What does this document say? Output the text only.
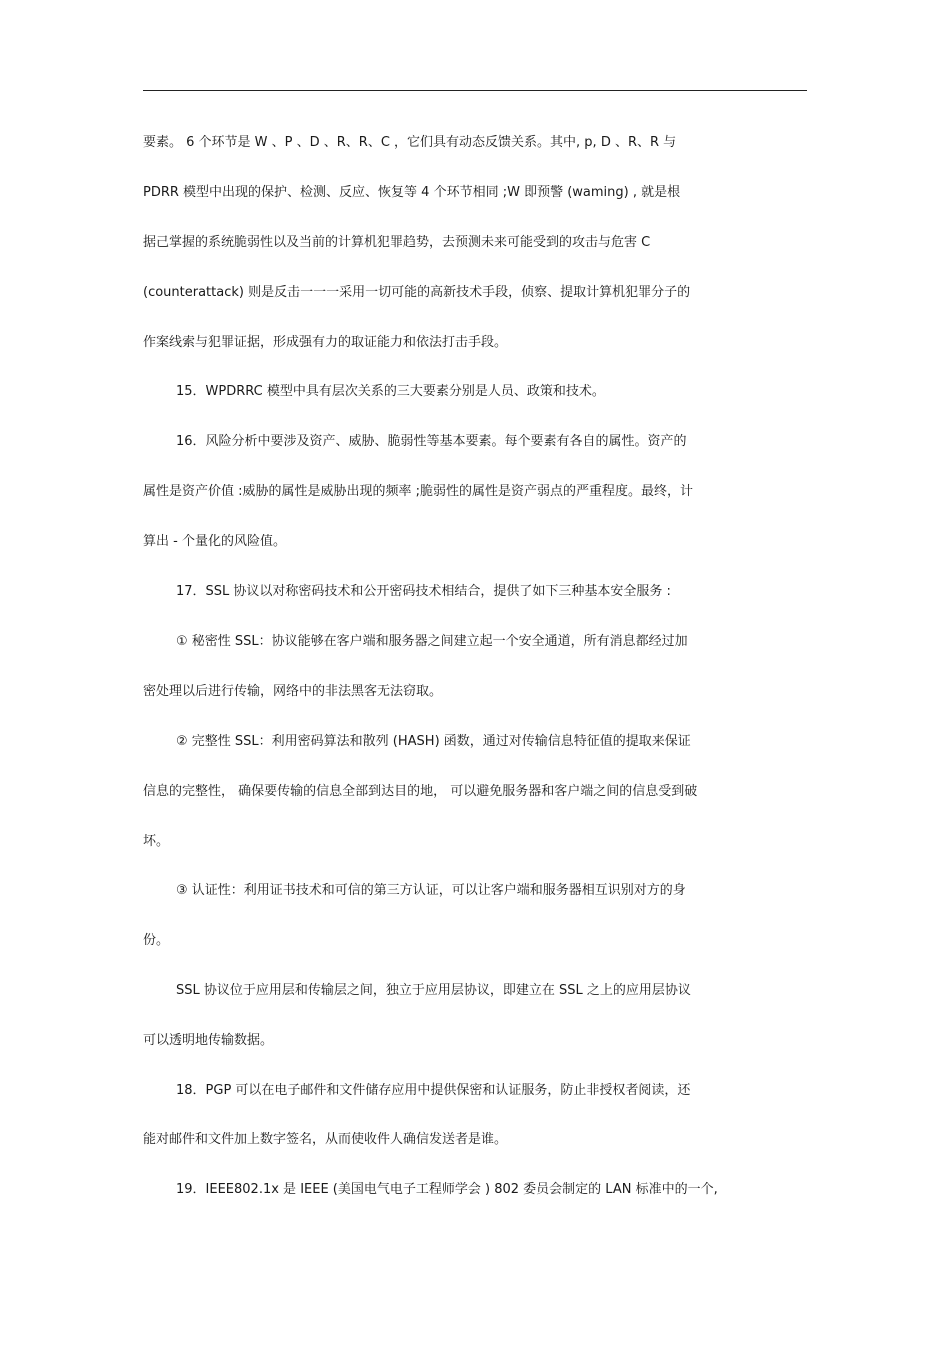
要素。 6 个环节是 W 、P 、D 、R、R、C ，它们具有动态反馈关系。其中, p, D 、R、R 与
PDRR 模型中出现的保护、检测、反应、恢复等 4 个环节相同 ;W 即预警 (waming) , 就是根
据己掌握的系统脆弱性以及当前的计算机犯罪趋势，去预测未来可能受到的攻击与危害 C
(counterattack) 则是反击一一一采用一切可能的高新技术手段，侦察、提取计算机犯罪分子的
作案线索与犯罪证据，形成强有力的取证能力和依法打击手段。
15．WPDRRC 模型中具有层次关系的三大要素分别是人员、政策和技术。
16．风险分析中要涉及资产、威胁、脆弱性等基本要素。每个要素有各自的属性。资产的
属性是资产价值 :威胁的属性是威胁出现的频率 ;脆弱性的属性是资产弱点的严重程度。最终，计
算出 - 个量化的风险值。
17．SSL 协议以对称密码技术和公开密码技术相结合，提供了如下三种基本安全服务 :
① 秘密性 SSL：协议能够在客户端和服务器之间建立起一个安全通道，所有消息都经过加
密处理以后进行传输，网络中的非法黑客无法窃取。
② 完整性 SSL：利用密码算法和散列 (HASH) 函数，通过对传输信息特征值的提取来保证
信息的完整性， 确保要传输的信息全部到达目的地， 可以避免服务器和客户端之间的信息受到破
坏。
③ 认证性：利用证书技术和可信的第三方认证，可以让客户端和服务器相互识别对方的身
份。
SSL 协议位于应用层和传输层之间，独立于应用层协议，即建立在 SSL 之上的应用层协议
可以透明地传输数据。
18．PGP 可以在电子邮件和文件储存应用中提供保密和认证服务，防止非授权者阅读，还
能对邮件和文件加上数字签名，从而使收件人确信发送者是谁。
19．IEEE802.1x 是 IEEE (美国电气电子工程师学会 ) 802 委员会制定的 LAN 标准中的一个,
